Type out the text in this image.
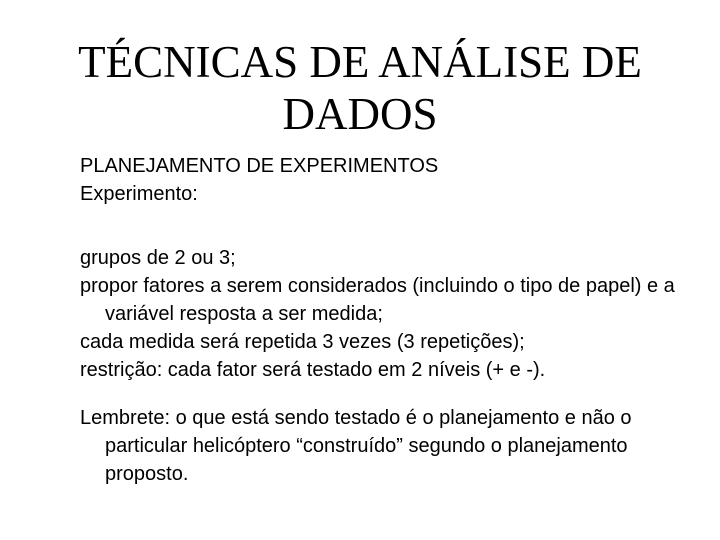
TÉCNICAS DE ANÁLISE DE
DADOS
PLANEJAMENTO DE EXPERIMENTOS

Experimento:

grupos de 2 ou 3;
propor fatores a serem considerados (incluindo o tipo de papel) e a variável resposta a ser medida;
cada medida será repetida 3 vezes (3 repetições);
restrição: cada fator será testado em 2 níveis (+ e -).

Lembrete: o que está sendo testado é o planejamento e não o particular helicóptero “construído” segundo o planejamento proposto.
